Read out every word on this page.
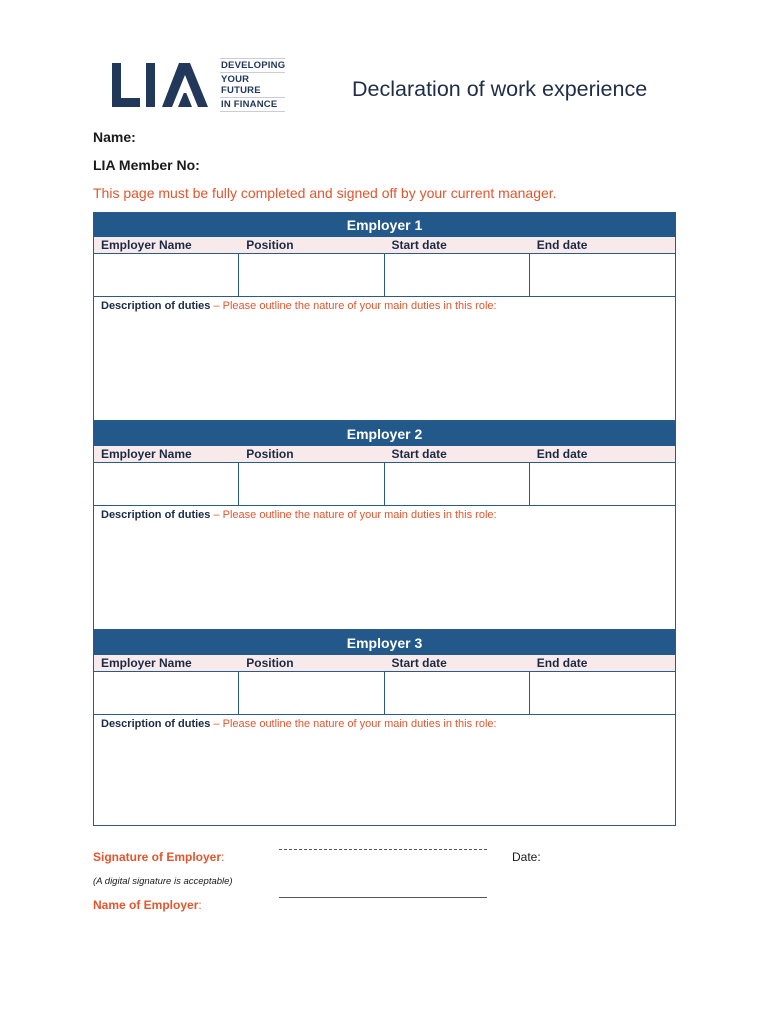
DEVELOPING
YOUR FUTURE
IN FINANCE
Declaration of work experience
Name:
LIA Member No:
This page must be fully completed and signed off by your current manager.
Employer 1
Employer Name	Position	Start date	End date
Description of duties – Please outline the nature of your main duties in this role:
Employer 2
Employer Name	Position	Start date	End date
Description of duties – Please outline the nature of your main duties in this role:
Employer 3
Employer Name	Position	Start date	End date
Description of duties – Please outline the nature of your main duties in this role:
Signature of Employer:	Date:
(A digital signature is acceptable)
Name of Employer:
